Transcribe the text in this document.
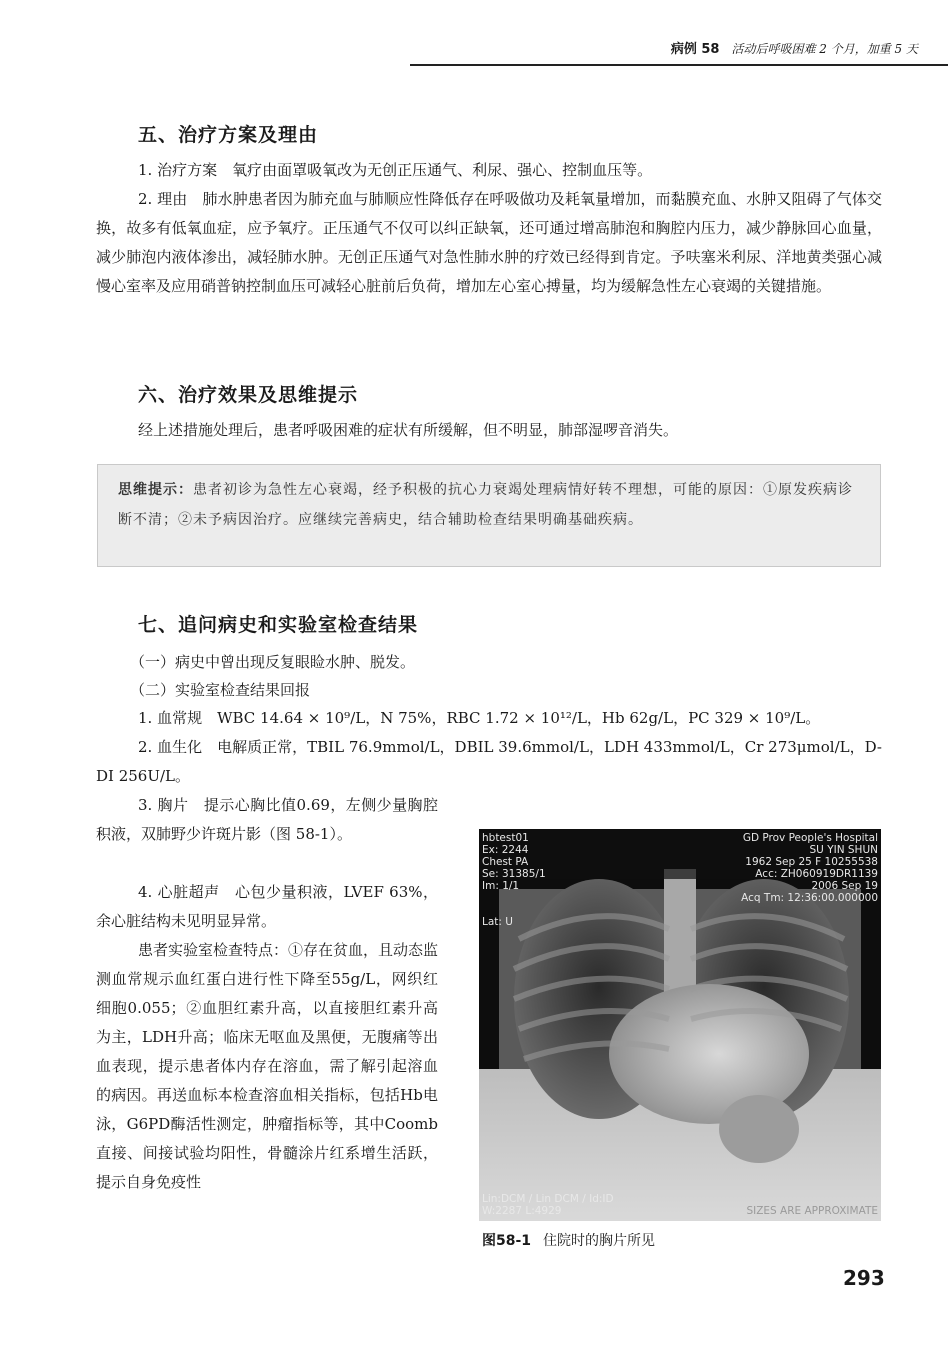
病例 58 活动后呼吸困难 2 个月，加重 5 天
五、治疗方案及理由

1. 治疗方案　氧疗由面罩吸氧改为无创正压通气、利尿、强心、控制血压等。

2. 理由　肺水肿患者因为肺充血与肺顺应性降低存在呼吸做功及耗氧量增加，而黏膜充血、水肿又阻碍了气体交换，故多有低氧血症，应予氧疗。正压通气不仅可以纠正缺氧，还可通过增高肺泡和胸腔内压力，减少静脉回心血量，减少肺泡内液体渗出，减轻肺水肿。无创正压通气对急性肺水肿的疗效已经得到肯定。予呋塞米利尿、洋地黄类强心减慢心室率及应用硝普钠控制血压可减轻心脏前后负荷，增加左心室心搏量，均为缓解急性左心衰竭的关键措施。

六、治疗效果及思维提示

经上述措施处理后，患者呼吸困难的症状有所缓解，但不明显，肺部湿啰音消失。

思维提示：患者初诊为急性左心衰竭，经予积极的抗心力衰竭处理病情好转不理想，可能的原因：①原发疾病诊断不清；②未予病因治疗。应继续完善病史，结合辅助检查结果明确基础疾病。
七、追问病史和实验室检查结果
（一）病史中曾出现反复眼睑水肿、脱发。
（二）实验室检查结果回报

1. 血常规　WBC 14.64 × 10⁹/L，N 75%，RBC 1.72 × 10¹²/L，Hb 62g/L，PC 329 × 10⁹/L。

2. 血生化　电解质正常，TBIL 76.9mmol/L，DBIL 39.6mmol/L，LDH 433mmol/L，Cr 273μmol/L，D-DI 256U/L。

3. 胸片　提示心胸比值0.69，左侧少量胸腔积液，双肺野少许斑片影（图 58-1）。

4. 心脏超声　心包少量积液，LVEF 63%，余心脏结构未见明显异常。

患者实验室检查特点：①存在贫血，且动态监测血常规示血红蛋白进行性下降至55g/L，网织红细胞0.055；②血胆红素升高，以直接胆红素升高为主，LDH升高；临床无呕血及黑便，无腹痛等出血表现，提示患者体内存在溶血，需了解引起溶血的病因。再送血标本检查溶血相关指标，包括Hb电泳，G6PD酶活性测定，肿瘤指标等，其中Coomb直接、间接试验均阳性，骨髓涂片红系增生活跃，提示自身免疫性

hbtest01
Ex: 2244
Chest PA
Se: 31385/1
Im: 1/1
Lat: U
GD Prov People's Hospital
SU YIN SHUN
1962 Sep 25 F 10255538
Acc: ZH060919DR1139
2006 Sep 19
Acq Tm: 12:36:00.000000
Lin:DCM / Lin DCM / Id:ID
W:2287 L:4929	SIZES ARE APPROXIMATE
图58-1 住院时的胸片所见
293
